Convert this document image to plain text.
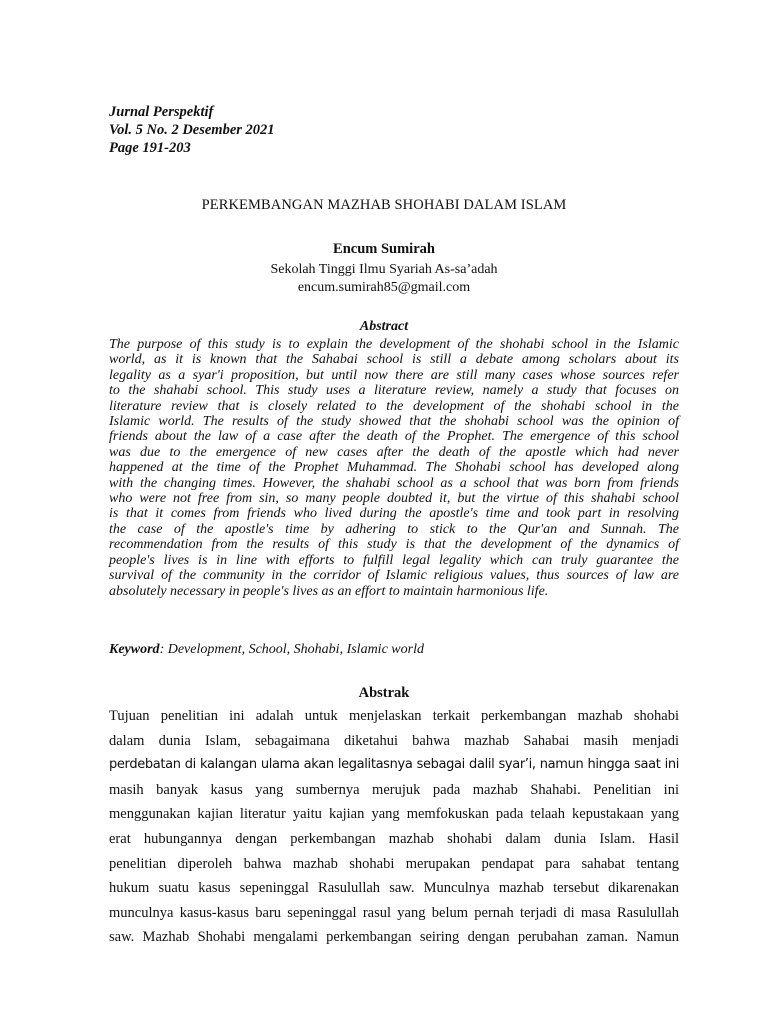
Jurnal Perspektif
Vol. 5 No. 2 Desember 2021
Page 191-203
PERKEMBANGAN MAZHAB SHOHABI DALAM ISLAM
Encum Sumirah
Sekolah Tinggi Ilmu Syariah As-sa’adah
encum.sumirah85@gmail.com
Abstract
The purpose of this study is to explain the development of the shohabi school in the Islamic
world, as it is known that the Sahabai school is still a debate among scholars about its
legality as a syar'i proposition, but until now there are still many cases whose sources refer
to the shahabi school. This study uses a literature review, namely a study that focuses on
literature review that is closely related to the development of the shohabi school in the
Islamic world. The results of the study showed that the shohabi school was the opinion of
friends about the law of a case after the death of the Prophet. The emergence of this school
was due to the emergence of new cases after the death of the apostle which had never
happened at the time of the Prophet Muhammad. The Shohabi school has developed along
with the changing times. However, the shahabi school as a school that was born from friends
who were not free from sin, so many people doubted it, but the virtue of this shahabi school
is that it comes from friends who lived during the apostle's time and took part in resolving
the case of the apostle's time by adhering to stick to the Qur'an and Sunnah. The
recommendation from the results of this study is that the development of the dynamics of
people's lives is in line with efforts to fulfill legal legality which can truly guarantee the
survival of the community in the corridor of Islamic religious values, thus sources of law are
absolutely necessary in people's lives as an effort to maintain harmonious life.
Keyword: Development, School, Shohabi, Islamic world
Abstrak
Tujuan penelitian ini adalah untuk menjelaskan terkait perkembangan mazhab shohabi
dalam dunia Islam, sebagaimana diketahui bahwa mazhab Sahabai masih menjadi
perdebatan di kalangan ulama akan legalitasnya sebagai dalil syar’i, namun hingga saat ini
masih banyak kasus yang sumbernya merujuk pada mazhab Shahabi. Penelitian ini
menggunakan kajian literatur yaitu kajian yang memfokuskan pada telaah kepustakaan yang
erat hubungannya dengan perkembangan mazhab shohabi dalam dunia Islam. Hasil
penelitian diperoleh bahwa mazhab shohabi merupakan pendapat para sahabat tentang
hukum suatu kasus sepeninggal Rasulullah saw. Munculnya mazhab tersebut dikarenakan
munculnya kasus-kasus baru sepeninggal rasul yang belum pernah terjadi di masa Rasulullah
saw. Mazhab Shohabi mengalami perkembangan seiring dengan perubahan zaman. Namun
